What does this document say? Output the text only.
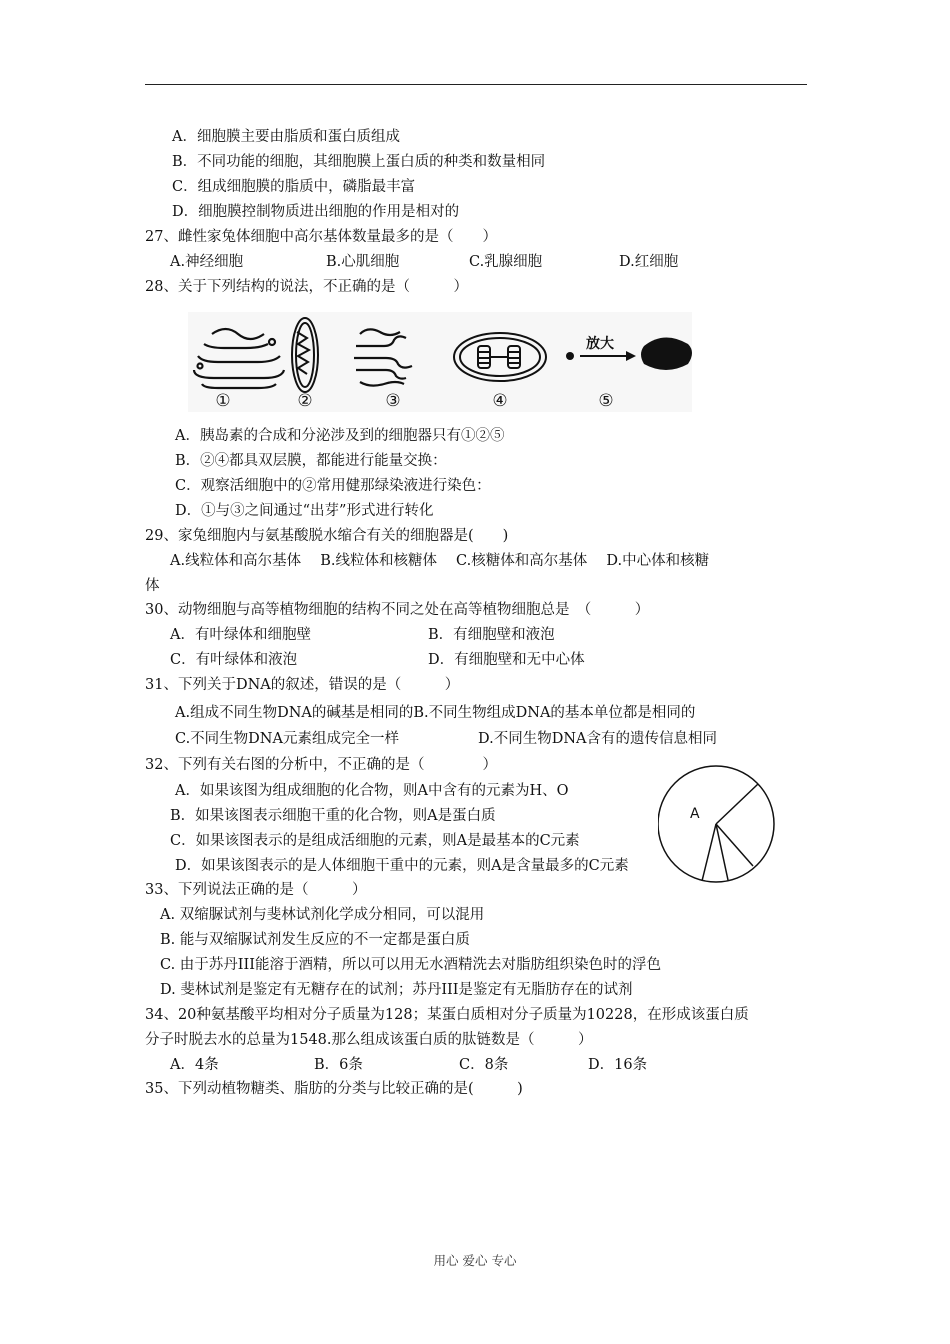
A．细胞膜主要由脂质和蛋白质组成
B．不同功能的细胞，其细胞膜上蛋白质的种类和数量相同
C．组成细胞膜的脂质中，磷脂最丰富
D．细胞膜控制物质进出细胞的作用是相对的
27、雌性家兔体细胞中高尔基体数量最多的是（　　）
A.神经细胞	B.心肌细胞	C.乳腺细胞	D.红细胞
28、关于下列结构的说法，不正确的是（　　　）
放大
①	②	③	④	⑤
A．胰岛素的合成和分泌涉及到的细胞器只有①②⑤
B．②④都具双层膜，都能进行能量交换：
C．观察活细胞中的②常用健那绿染液进行染色：
D．①与③之间通过“出芽”形式进行转化
29、家兔细胞内与氨基酸脱水缩合有关的细胞器是(　　)
A.线粒体和高尔基体　 B.线粒体和核糖体　 C.核糖体和高尔基体　 D.中心体和核糖
体
30、动物细胞与高等植物细胞的结构不同之处在高等植物细胞总是　（　　　）
A．有叶绿体和细胞壁	B．有细胞壁和液泡
C．有叶绿体和液泡	D．有细胞壁和无中心体
31、下列关于DNA的叙述，错误的是（　　　）
A.组成不同生物DNA的碱基是相同的B.不同生物组成DNA的基本单位都是相同的
C.不同生物DNA元素组成完全一样	D.不同生物DNA含有的遗传信息相同
32、下列有关右图的分析中，不正确的是（　　　　）
A．如果该图为组成细胞的化合物，则A中含有的元素为H、O
B．如果该图表示细胞干重的化合物，则A是蛋白质
C．如果该图表示的是组成活细胞的元素，则A是最基本的C元素
D．如果该图表示的是人体细胞干重中的元素，则A是含量最多的C元素
A
33、下列说法正确的是（　　　）
A. 双缩脲试剂与斐林试剂化学成分相同，可以混用
B. 能与双缩脲试剂发生反应的不一定都是蛋白质
C. 由于苏丹III能溶于酒精，所以可以用无水酒精洗去对脂肪组织染色时的浮色
D. 斐林试剂是鉴定有无糖存在的试剂；苏丹III是鉴定有无脂肪存在的试剂
34、20种氨基酸平均相对分子质量为128；某蛋白质相对分子质量为10228，在形成该蛋白质
分子时脱去水的总量为1548.那么组成该蛋白质的肽链数是（　　　）
A．4条	B．6条	C．8条	D．16条
35、下列动植物糖类、脂肪的分类与比较正确的是(　　　)
用心 爱心 专心
